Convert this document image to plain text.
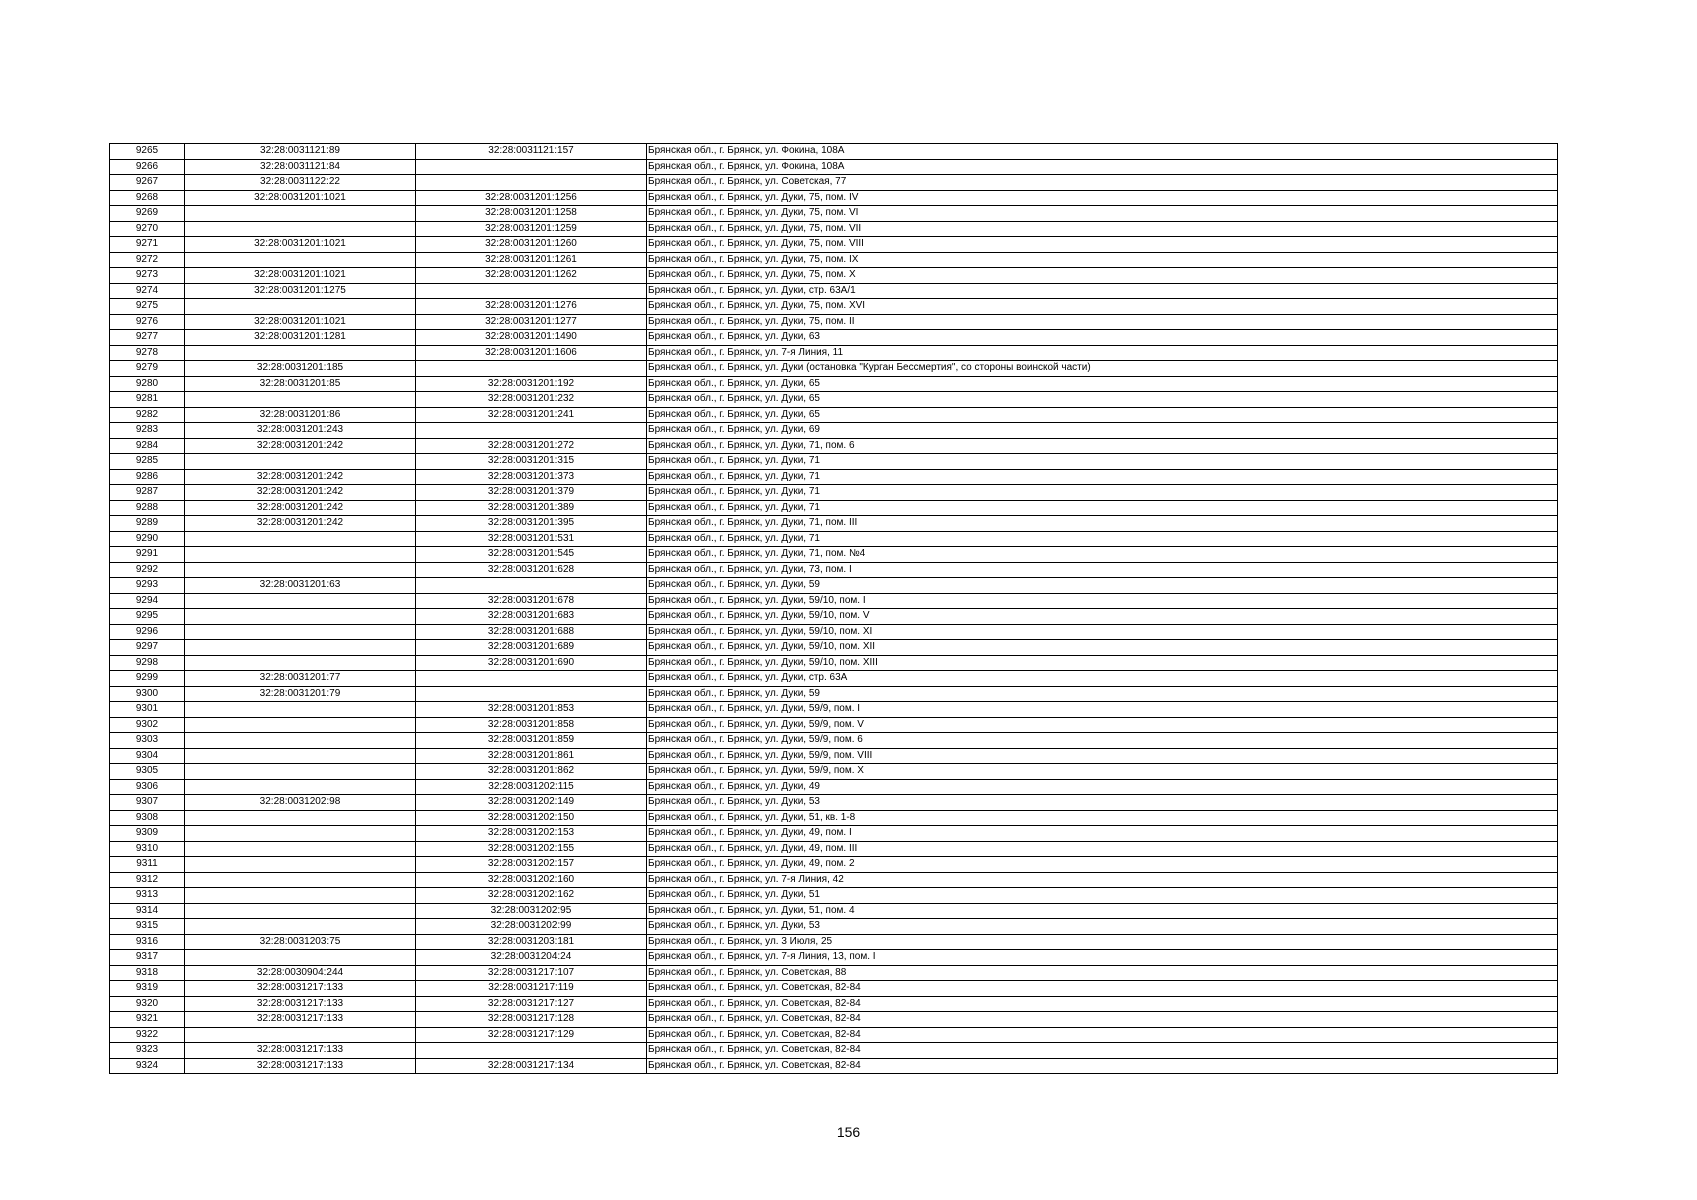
9265	32:28:0031121:89	32:28:0031121:157	Брянская обл., г. Брянск, ул. Фокина, 108А
9266	32:28:0031121:84		Брянская обл., г. Брянск, ул. Фокина, 108А
9267	32:28:0031122:22		Брянская обл., г. Брянск, ул. Советская, 77
9268	32:28:0031201:1021	32:28:0031201:1256	Брянская обл., г. Брянск, ул. Дуки, 75, пом. IV
9269		32:28:0031201:1258	Брянская обл., г. Брянск, ул. Дуки, 75, пом. VI
9270		32:28:0031201:1259	Брянская обл., г. Брянск, ул. Дуки, 75, пом. VII
9271	32:28:0031201:1021	32:28:0031201:1260	Брянская обл., г. Брянск, ул. Дуки, 75, пом. VIII
9272		32:28:0031201:1261	Брянская обл., г. Брянск, ул. Дуки, 75, пом. IX
9273	32:28:0031201:1021	32:28:0031201:1262	Брянская обл., г. Брянск, ул. Дуки, 75, пом. X
9274	32:28:0031201:1275		Брянская обл., г. Брянск, ул. Дуки, стр. 63А/1
9275		32:28:0031201:1276	Брянская обл., г. Брянск, ул. Дуки, 75, пом. XVI
9276	32:28:0031201:1021	32:28:0031201:1277	Брянская обл., г. Брянск, ул. Дуки, 75, пом. II
9277	32:28:0031201:1281	32:28:0031201:1490	Брянская обл., г. Брянск, ул. Дуки, 63
9278		32:28:0031201:1606	Брянская обл., г. Брянск, ул. 7-я Линия, 11
9279	32:28:0031201:185		Брянская обл., г. Брянск, ул. Дуки (остановка "Курган Бессмертия", со стороны воинской части)
9280	32:28:0031201:85	32:28:0031201:192	Брянская обл., г. Брянск, ул. Дуки, 65
9281		32:28:0031201:232	Брянская обл., г. Брянск, ул. Дуки, 65
9282	32:28:0031201:86	32:28:0031201:241	Брянская обл., г. Брянск, ул. Дуки, 65
9283	32:28:0031201:243		Брянская обл., г. Брянск, ул. Дуки, 69
9284	32:28:0031201:242	32:28:0031201:272	Брянская обл., г. Брянск, ул. Дуки, 71, пом. 6
9285		32:28:0031201:315	Брянская обл., г. Брянск, ул. Дуки, 71
9286	32:28:0031201:242	32:28:0031201:373	Брянская обл., г. Брянск, ул. Дуки, 71
9287	32:28:0031201:242	32:28:0031201:379	Брянская обл., г. Брянск, ул. Дуки, 71
9288	32:28:0031201:242	32:28:0031201:389	Брянская обл., г. Брянск, ул. Дуки, 71
9289	32:28:0031201:242	32:28:0031201:395	Брянская обл., г. Брянск, ул. Дуки, 71, пом. III
9290		32:28:0031201:531	Брянская обл., г. Брянск, ул. Дуки, 71
9291		32:28:0031201:545	Брянская обл., г. Брянск, ул. Дуки, 71, пом. №4
9292		32:28:0031201:628	Брянская обл., г. Брянск, ул. Дуки, 73, пом. I
9293	32:28:0031201:63		Брянская обл., г. Брянск, ул. Дуки, 59
9294		32:28:0031201:678	Брянская обл., г. Брянск, ул. Дуки, 59/10, пом. I
9295		32:28:0031201:683	Брянская обл., г. Брянск, ул. Дуки, 59/10, пом. V
9296		32:28:0031201:688	Брянская обл., г. Брянск, ул. Дуки, 59/10, пом. XI
9297		32:28:0031201:689	Брянская обл., г. Брянск, ул. Дуки, 59/10, пом. XII
9298		32:28:0031201:690	Брянская обл., г. Брянск, ул. Дуки, 59/10, пом. XIII
9299	32:28:0031201:77		Брянская обл., г. Брянск, ул. Дуки, стр. 63А
9300	32:28:0031201:79		Брянская обл., г. Брянск, ул. Дуки, 59
9301		32:28:0031201:853	Брянская обл., г. Брянск, ул. Дуки, 59/9, пом. I
9302		32:28:0031201:858	Брянская обл., г. Брянск, ул. Дуки, 59/9, пом. V
9303		32:28:0031201:859	Брянская обл., г. Брянск, ул. Дуки, 59/9, пом. 6
9304		32:28:0031201:861	Брянская обл., г. Брянск, ул. Дуки, 59/9, пом. VIII
9305		32:28:0031201:862	Брянская обл., г. Брянск, ул. Дуки, 59/9, пом. X
9306		32:28:0031202:115	Брянская обл., г. Брянск, ул. Дуки, 49
9307	32:28:0031202:98	32:28:0031202:149	Брянская обл., г. Брянск, ул. Дуки, 53
9308		32:28:0031202:150	Брянская обл., г. Брянск, ул. Дуки, 51, кв. 1-8
9309		32:28:0031202:153	Брянская обл., г. Брянск, ул. Дуки, 49, пом. I
9310		32:28:0031202:155	Брянская обл., г. Брянск, ул. Дуки, 49, пом. III
9311		32:28:0031202:157	Брянская обл., г. Брянск, ул. Дуки, 49, пом. 2
9312		32:28:0031202:160	Брянская обл., г. Брянск, ул. 7-я Линия, 42
9313		32:28:0031202:162	Брянская обл., г. Брянск, ул. Дуки, 51
9314		32:28:0031202:95	Брянская обл., г. Брянск, ул. Дуки, 51, пом. 4
9315		32:28:0031202:99	Брянская обл., г. Брянск, ул. Дуки, 53
9316	32:28:0031203:75	32:28:0031203:181	Брянская обл., г. Брянск, ул. 3 Июля, 25
9317		32:28:0031204:24	Брянская обл., г. Брянск, ул. 7-я Линия, 13, пом. I
9318	32:28:0030904:244	32:28:0031217:107	Брянская обл., г. Брянск, ул. Советская, 88
9319	32:28:0031217:133	32:28:0031217:119	Брянская обл., г. Брянск, ул. Советская, 82-84
9320	32:28:0031217:133	32:28:0031217:127	Брянская обл., г. Брянск, ул. Советская, 82-84
9321	32:28:0031217:133	32:28:0031217:128	Брянская обл., г. Брянск, ул. Советская, 82-84
9322		32:28:0031217:129	Брянская обл., г. Брянск, ул. Советская, 82-84
9323	32:28:0031217:133		Брянская обл., г. Брянск, ул. Советская, 82-84
9324	32:28:0031217:133	32:28:0031217:134	Брянская обл., г. Брянск, ул. Советская, 82-84
156
